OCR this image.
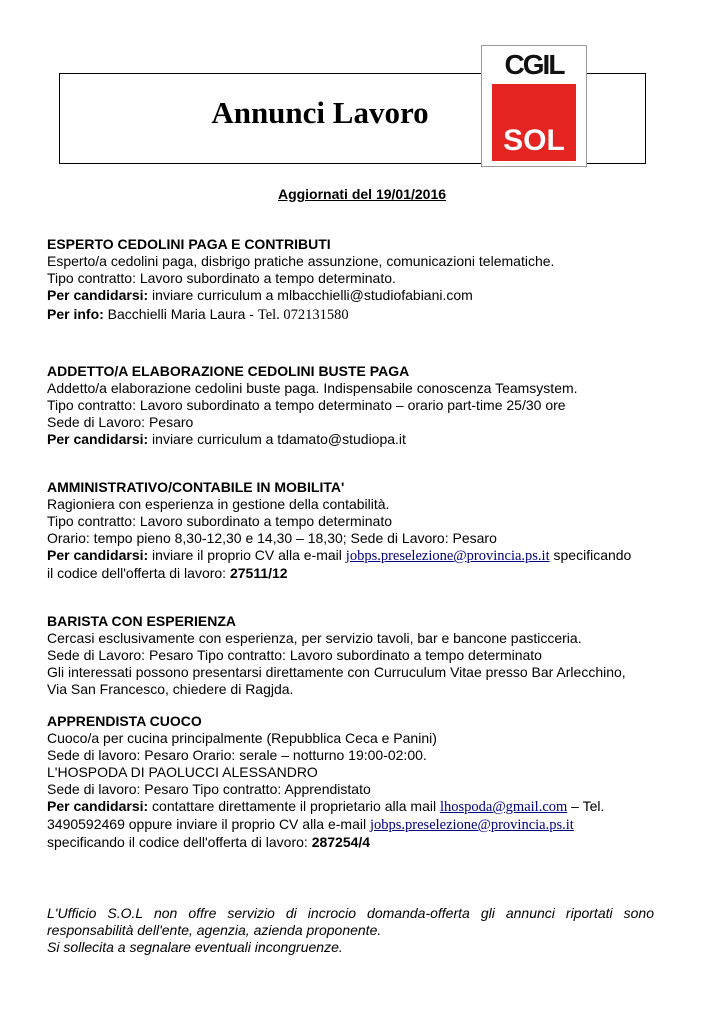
Annunci Lavoro
CGIL
SOL
Aggiornati del 19/01/2016
ESPERTO CEDOLINI PAGA E CONTRIBUTI
Esperto/a cedolini paga, disbrigo pratiche assunzione, comunicazioni telematiche.
Tipo contratto: Lavoro subordinato a tempo determinato.
Per candidarsi: inviare curriculum a mlbacchielli@studiofabiani.com
Per info: Bacchielli Maria Laura - Tel. 072131580
ADDETTO/A ELABORAZIONE CEDOLINI BUSTE PAGA
Addetto/a elaborazione cedolini buste paga. Indispensabile conoscenza Teamsystem.
Tipo contratto: Lavoro subordinato a tempo determinato – orario part-time 25/30 ore
Sede di Lavoro: Pesaro
Per candidarsi: inviare curriculum a tdamato@studiopa.it
AMMINISTRATIVO/CONTABILE IN MOBILITA'
Ragioniera con esperienza in gestione della contabilità.
Tipo contratto: Lavoro subordinato a tempo determinato
Orario: tempo pieno 8,30-12,30 e 14,30 – 18,30; Sede di Lavoro: Pesaro
Per candidarsi: inviare il proprio CV alla e-mail jobps.preselezione@provincia.ps.it specificando
il codice dell'offerta di lavoro: 27511/12
BARISTA CON ESPERIENZA
Cercasi esclusivamente con esperienza, per servizio tavoli, bar e bancone pasticceria.
Sede di Lavoro: Pesaro Tipo contratto: Lavoro subordinato a tempo determinato
Gli interessati possono presentarsi direttamente con Curruculum Vitae presso Bar Arlecchino,
Via San Francesco, chiedere di Ragjda.
APPRENDISTA CUOCO
Cuoco/a per cucina principalmente (Repubblica Ceca e Panini)
Sede di lavoro: Pesaro Orario: serale – notturno 19:00-02:00.
L'HOSPODA DI PAOLUCCI ALESSANDRO
Sede di lavoro: Pesaro Tipo contratto: Apprendistato
Per candidarsi: contattare direttamente il proprietario alla mail lhospoda@gmail.com – Tel.
3490592469 oppure inviare il proprio CV alla e-mail jobps.preselezione@provincia.ps.it
specificando il codice dell'offerta di lavoro: 287254/4
L'Ufficio S.O.L non offre servizio di incrocio domanda-offerta gli annunci riportati sono responsabilità dell'ente, agenzia, azienda proponente.
Si sollecita a segnalare eventuali incongruenze.
